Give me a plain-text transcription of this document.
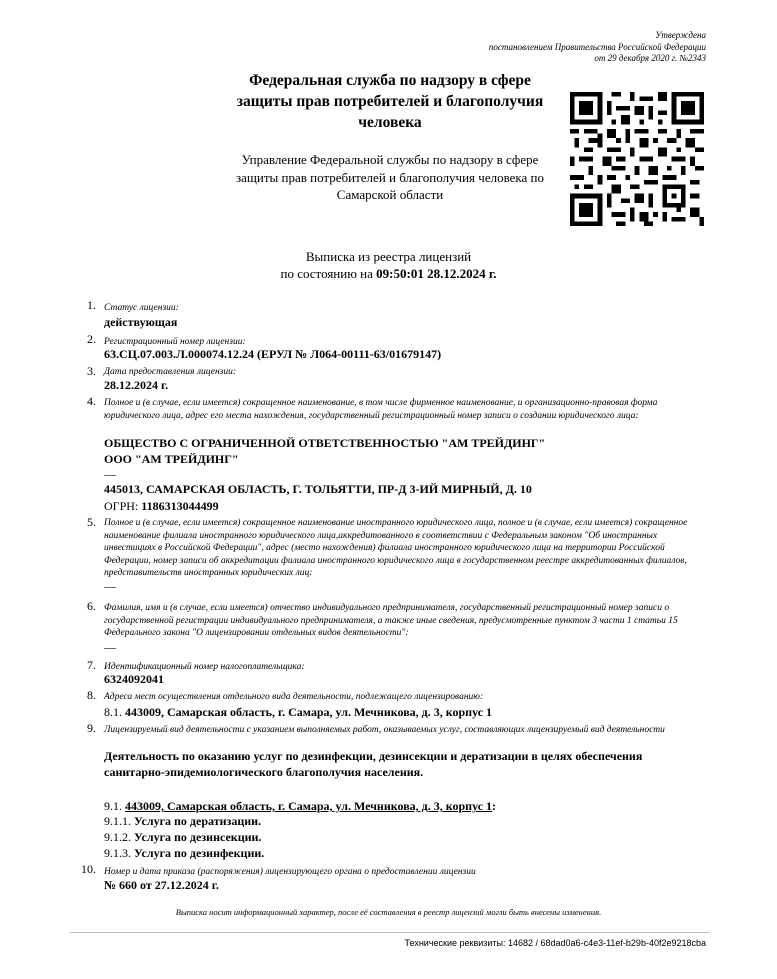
Утверждена
постановлением Правительства Российской Федерации
от 29 декабря 2020 г. №2343
Федеральная служба по надзору в сфере защиты прав потребителей и благополучия человека
Управление Федеральной службы по надзору в сфере защиты прав потребителей и благополучия человека по Самарской области
Выписка из реестра лицензий
по состоянию на 09:50:01 28.12.2024 г.
1. Статус лицензии:
действующая
2. Регистрационный номер лицензии:
63.СЦ.07.003.Л.000074.12.24 (ЕРУЛ № Л064-00111-63/01679147)
3. Дата предоставления лицензии:
28.12.2024 г.
4. Полное и (в случае, если имеется) сокращенное наименование, в том числе фирменное наименование, и организационно-правовая форма юридического лица, адрес его места нахождения, государственный регистрационный номер записи о создании юридического лица:
ОБЩЕСТВО С ОГРАНИЧЕННОЙ ОТВЕТСТВЕННОСТЬЮ "АМ ТРЕЙДИНГ"
ООО "АМ ТРЕЙДИНГ"
—
445013, САМАРСКАЯ ОБЛАСТЬ, Г. ТОЛЬЯТТИ, ПР-Д 3-ИЙ МИРНЫЙ, Д. 10
ОГРН: 1186313044499
5. Полное и (в случае, если имеется) сокращенное наименование иностранного юридического лица, полное и (в случае, если имеется) сокращенное наименование филиала иностранного юридического лица,аккредитованного в соответствии с Федеральным законом "Об иностранных инвестициях в Российской Федерации", адрес (место нахождения) филиала иностранного юридического лица на территории Российской Федерации, номер записи об аккредитации филиала иностранного юридического лица в государственном реестре аккредитованных филиалов, представительств иностранных юридических лиц:
—
6. Фамилия, имя и (в случае, если имеется) отчество индивидуального предпринимателя, государственный регистрационный номер записи о государственной регистрации индивидуального предпринимателя, а также иные сведения, предусмотренные пунктом 3 части 1 статьи 15 Федерального закона "О лицензировании отдельных видов деятельности":
—
7. Идентификационный номер налогоплательщика:
6324092041
8. Адреса мест осуществления отдельного вида деятельности, подлежащего лицензированию:
8.1. 443009, Самарская область, г. Самара, ул. Мечникова, д. 3, корпус 1
9. Лицензируемый вид деятельности с указанием выполняемых работ, оказываемых услуг, составляющих лицензируемый вид деятельности
Деятельность по оказанию услуг по дезинфекции, дезинсекции и дератизации в целях обеспечения санитарно-эпидемиологического благополучия населения.
9.1. 443009, Самарская область, г. Самара, ул. Мечникова, д. 3, корпус 1:
9.1.1. Услуга по дератизации.
9.1.2. Услуга по дезинсекции.
9.1.3. Услуга по дезинфекции.
10. Номер и дата приказа (распоряжения) лицензирующего органа о предоставлении лицензии
№ 660 от 27.12.2024 г.
Выписка носит информационный характер, после её составления в реестр лицензий могли быть внесены изменения.
Технические реквизиты: 14682 / 68dad0a6-c4e3-11ef-b29b-40f2e9218cba
